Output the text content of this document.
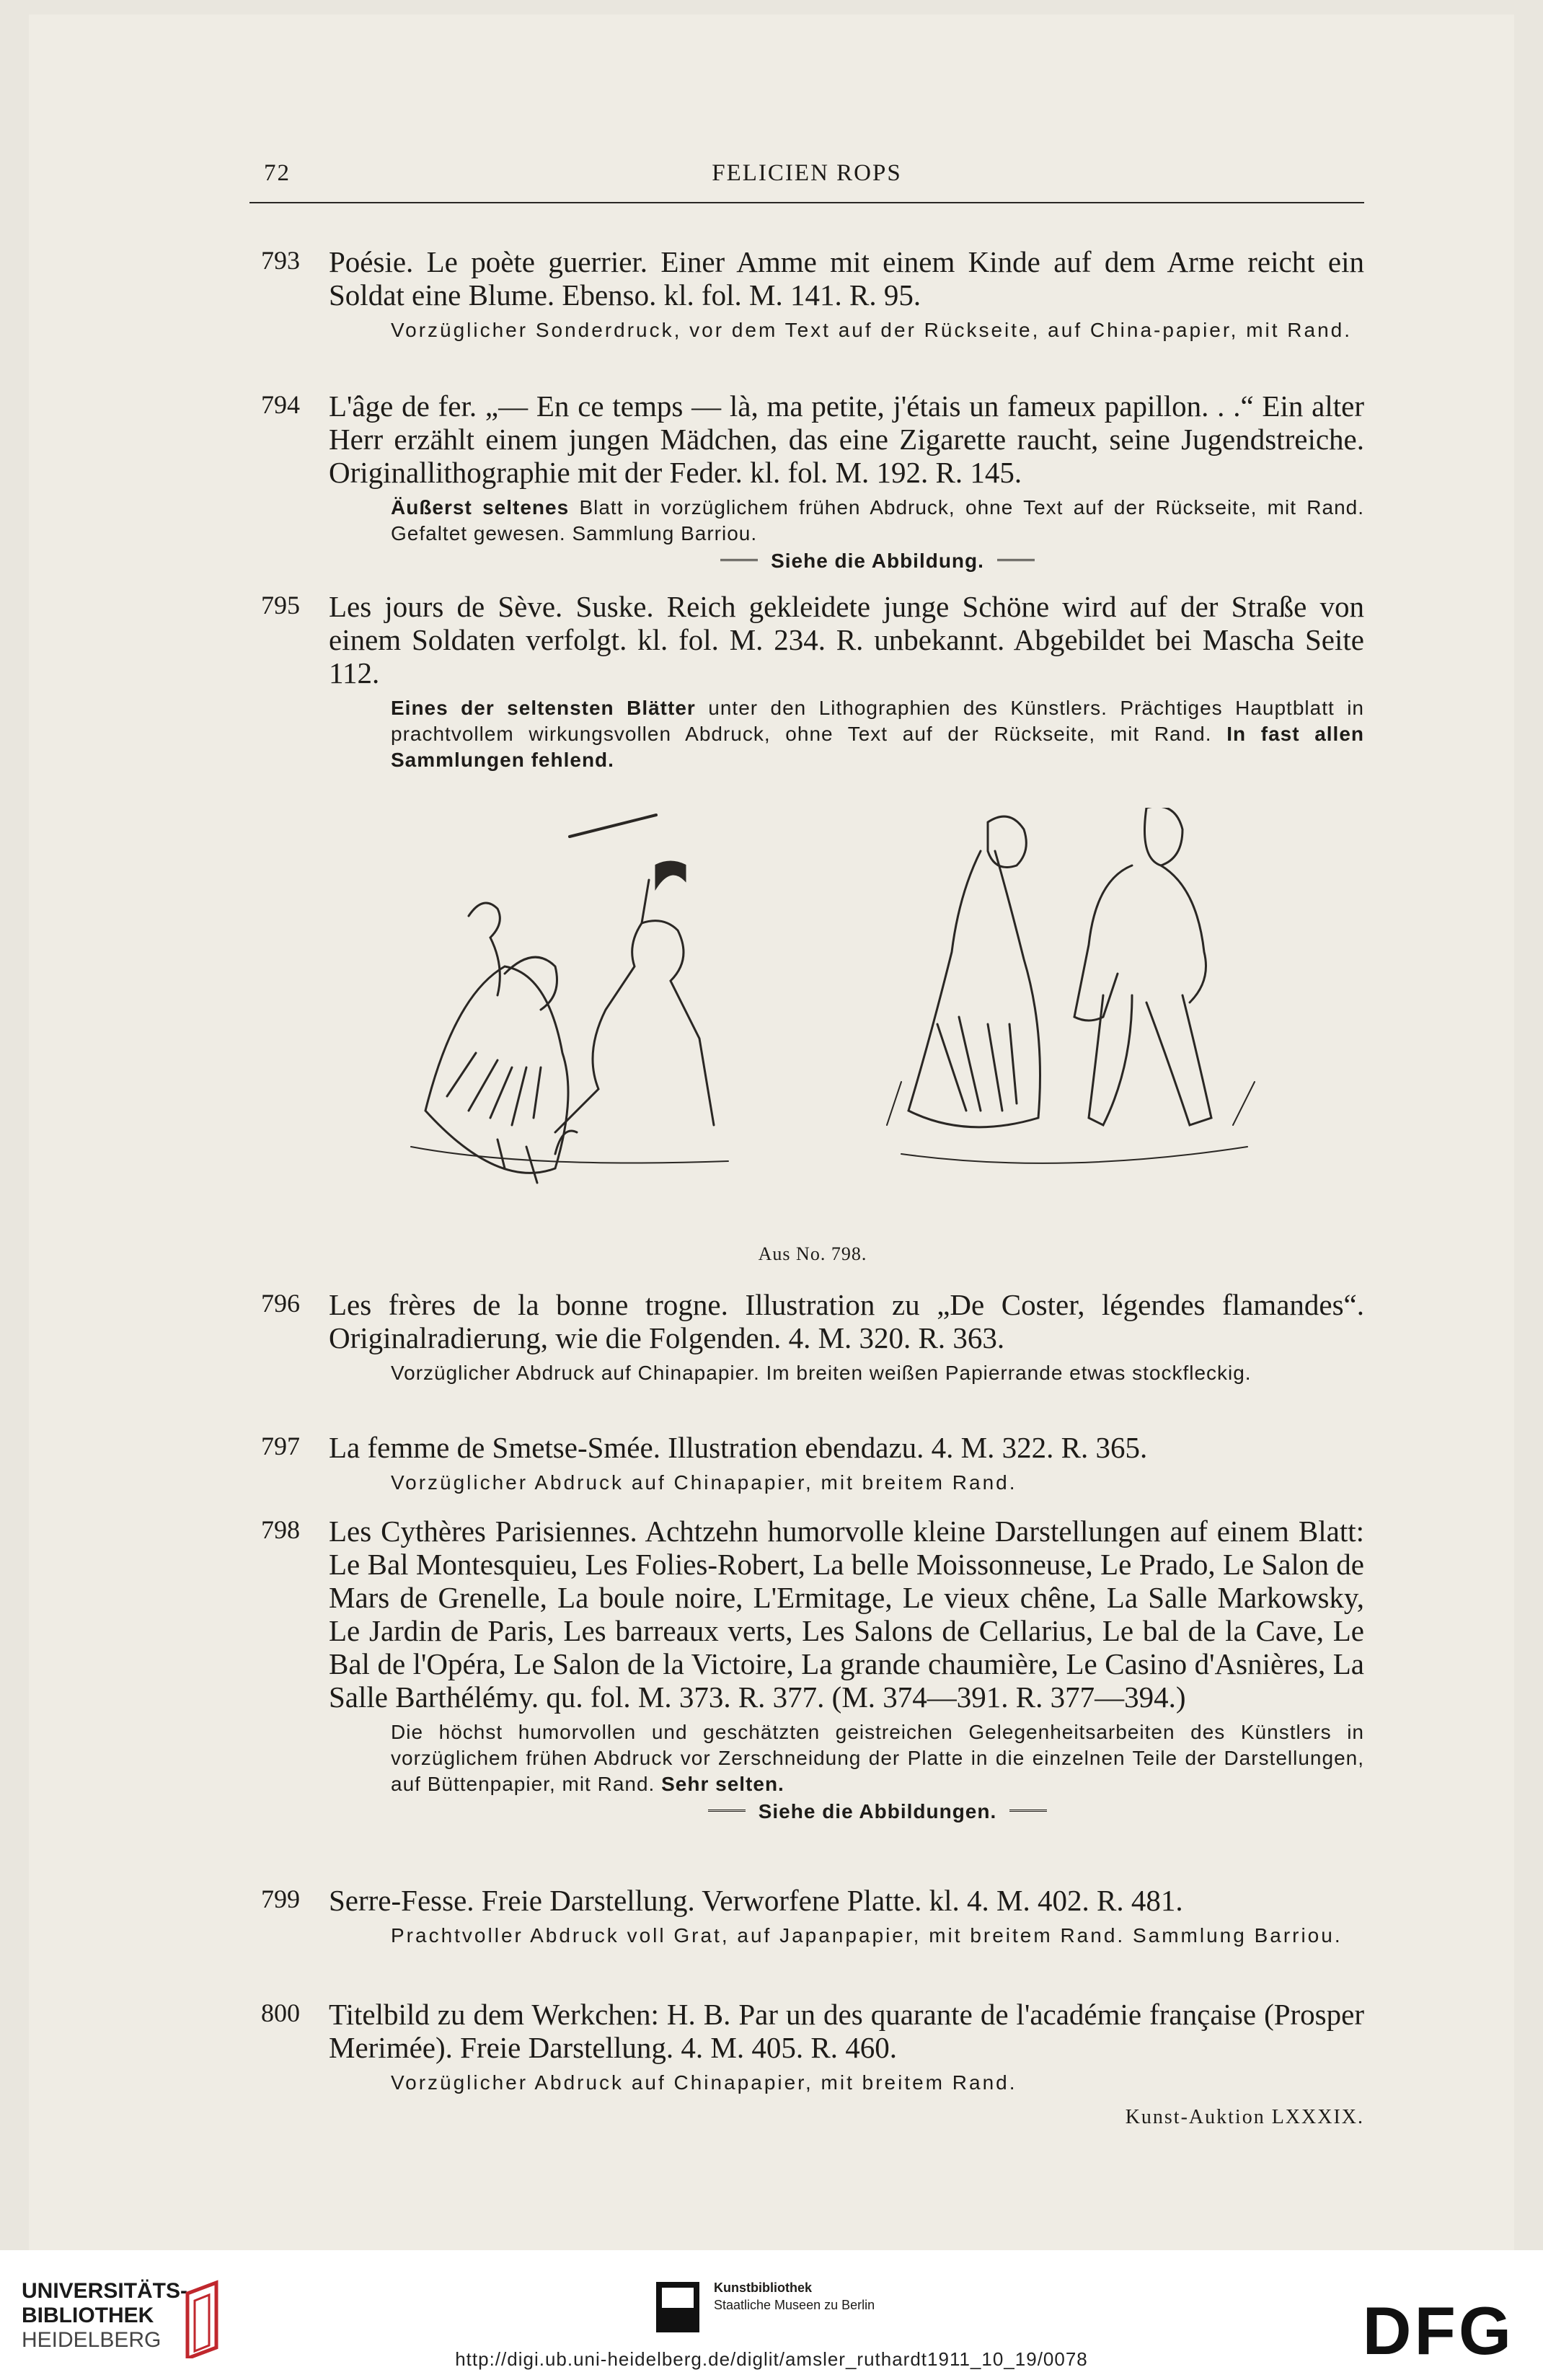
72	FELICIEN ROPS
793 Poésie. Le poète guerrier. Einer Amme mit einem Kinde auf dem Arme reicht ein Soldat eine Blume. Ebenso. kl. fol. M. 141. R. 95.
Vorzüglicher Sonderdruck, vor dem Text auf der Rückseite, auf China-papier, mit Rand.
794 L'âge de fer. „— En ce temps — là, ma petite, j'étais un fameux papillon. . .“ Ein alter Herr erzählt einem jungen Mädchen, das eine Zigarette raucht, seine Jugendstreiche. Originallithographie mit der Feder. kl. fol. M. 192. R. 145.
Äußerst seltenes Blatt in vorzüglichem frühen Abdruck, ohne Text auf der Rückseite, mit Rand. Gefaltet gewesen. Sammlung Barriou.
Siehe die Abbildung.
795 Les jours de Sève. Suske. Reich gekleidete junge Schöne wird auf der Straße von einem Soldaten verfolgt. kl. fol. M. 234. R. unbekannt. Abgebildet bei Mascha Seite 112.
Eines der seltensten Blätter unter den Lithographien des Künstlers. Prächtiges Hauptblatt in prachtvollem wirkungsvollen Abdruck, ohne Text auf der Rückseite, mit Rand. In fast allen Sammlungen fehlend.
Aus No. 798.
796 Les frères de la bonne trogne. Illustration zu „De Coster, légendes flamandes“. Originalradierung, wie die Folgenden. 4. M. 320. R. 363.
Vorzüglicher Abdruck auf Chinapapier. Im breiten weißen Papierrande etwas stockfleckig.
797 La femme de Smetse-Smée. Illustration ebendazu. 4. M. 322. R. 365.
Vorzüglicher Abdruck auf Chinapapier, mit breitem Rand.
798 Les Cythères Parisiennes. Achtzehn humorvolle kleine Darstellungen auf einem Blatt: Le Bal Montesquieu, Les Folies-Robert, La belle Moissonneuse, Le Prado, Le Salon de Mars de Grenelle, La boule noire, L'Ermitage, Le vieux chêne, La Salle Markowsky, Le Jardin de Paris, Les barreaux verts, Les Salons de Cellarius, Le bal de la Cave, Le Bal de l'Opéra, Le Salon de la Victoire, La grande chaumière, Le Casino d'Asnières, La Salle Barthélémy. qu. fol. M. 373. R. 377. (M. 374—391. R. 377—394.)
Die höchst humorvollen und geschätzten geistreichen Gelegenheitsarbeiten des Künstlers in vorzüglichem frühen Abdruck vor Zerschneidung der Platte in die einzelnen Teile der Darstellungen, auf Büttenpapier, mit Rand. Sehr selten.
Siehe die Abbildungen.
799 Serre-Fesse. Freie Darstellung. Verworfene Platte. kl. 4. M. 402. R. 481.
Prachtvoller Abdruck voll Grat, auf Japanpapier, mit breitem Rand. Sammlung Barriou.
800 Titelbild zu dem Werkchen: H. B. Par un des quarante de l'académie française (Prosper Merimée). Freie Darstellung. 4. M. 405. R. 460.
Vorzüglicher Abdruck auf Chinapapier, mit breitem Rand.
Kunst-Auktion LXXXIX.
UNIVERSITÄTS-
BIBLIOTHEK
HEIDELBERG
Kunstbibliothek
Staatliche Museen zu Berlin	DFG
http://digi.ub.uni-heidelberg.de/diglit/amsler_ruthardt1911_10_19/0078
